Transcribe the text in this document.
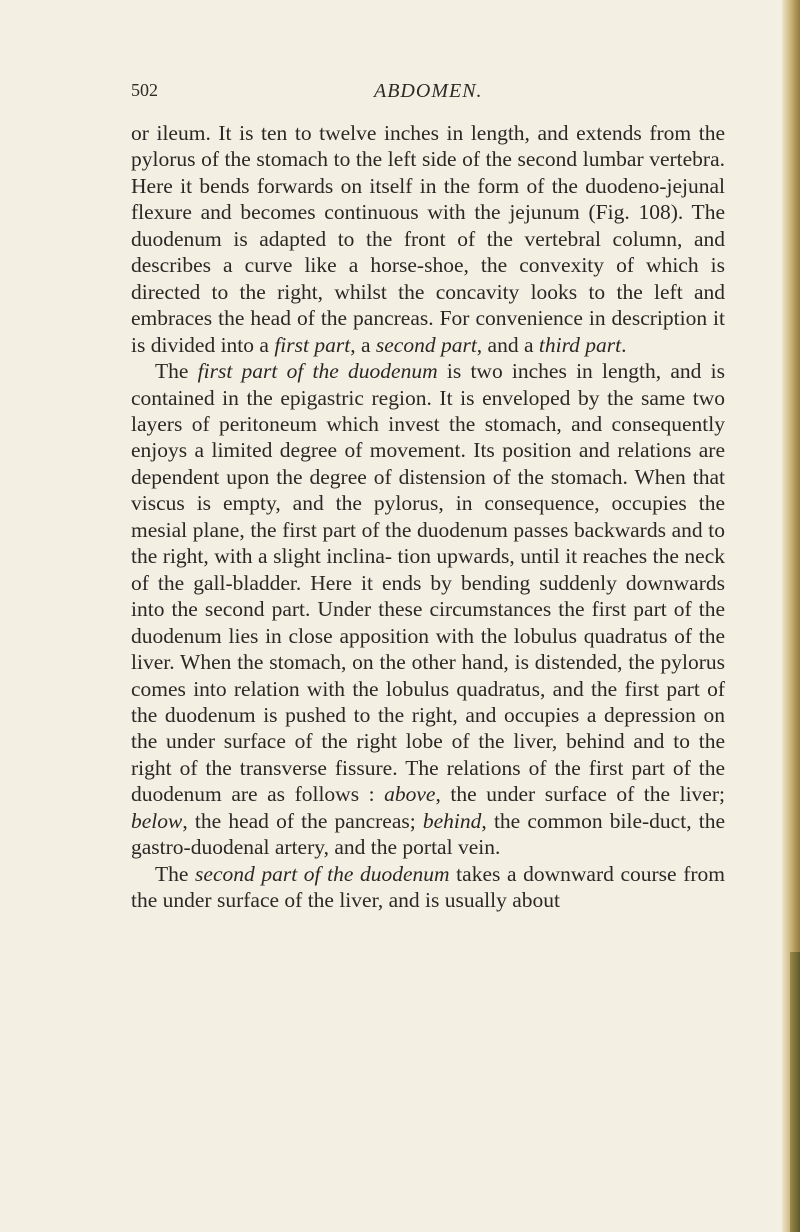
502	ABDOMEN.

or ileum. It is ten to twelve inches in length, and extends from the pylorus of the stomach to the left side of the second lumbar vertebra. Here it bends forwards on itself in the form of the duodeno-jejunal flexure and becomes continuous with the jejunum (Fig. 108). The duodenum is adapted to the front of the vertebral column, and describes a curve like a horse-shoe, the convexity of which is directed to the right, whilst the concavity looks to the left and embraces the head of the pancreas. For convenience in description it is divided into a first part, a second part, and a third part.

The first part of the duodenum is two inches in length, and is contained in the epigastric region. It is enveloped by the same two layers of peritoneum which invest the stomach, and consequently enjoys a limited degree of movement. Its position and relations are dependent upon the degree of distension of the stomach. When that viscus is empty, and the pylorus, in consequence, occupies the mesial plane, the first part of the duodenum passes backwards and to the right, with a slight inclina- tion upwards, until it reaches the neck of the gall-bladder. Here it ends by bending suddenly downwards into the second part. Under these circumstances the first part of the duodenum lies in close apposition with the lobulus quadratus of the liver. When the stomach, on the other hand, is distended, the pylorus comes into relation with the lobulus quadratus, and the first part of the duodenum is pushed to the right, and occupies a depression on the under surface of the right lobe of the liver, behind and to the right of the transverse fissure. The relations of the first part of the duodenum are as follows : above, the under surface of the liver; below, the head of the pancreas; behind, the common bile-duct, the gastro-duodenal artery, and the portal vein.

The second part of the duodenum takes a downward course from the under surface of the liver, and is usually about
